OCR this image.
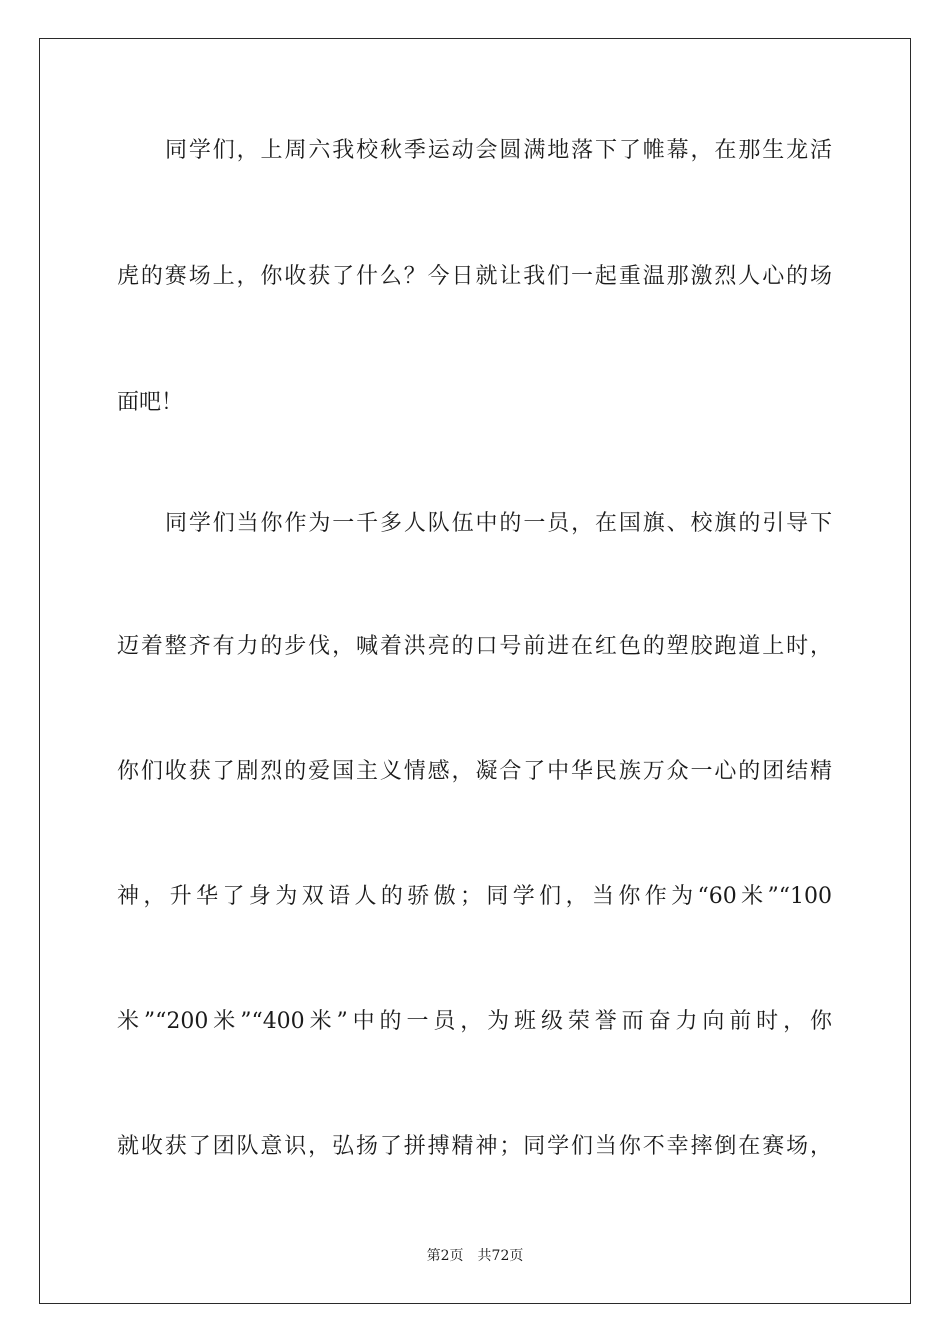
同学们，上周六我校秋季运动会圆满地落下了帷幕，在那生龙活
虎的赛场上，你收获了什么？今日就让我们一起重温那激烈人心的场
面吧！
同学们当你作为一千多人队伍中的一员，在国旗、校旗的引导下
迈着整齐有力的步伐，喊着洪亮的口号前进在红色的塑胶跑道上时，
你们收获了剧烈的爱国主义情感，凝合了中华民族万众一心的团结精
神，升华了身为双语人的骄傲；同学们，当你作为“60米”“100
米”“200米”“400米”中的一员，为班级荣誉而奋力向前时，你
就收获了团队意识，弘扬了拼搏精神；同学们当你不幸摔倒在赛场，
第2页 共72页
